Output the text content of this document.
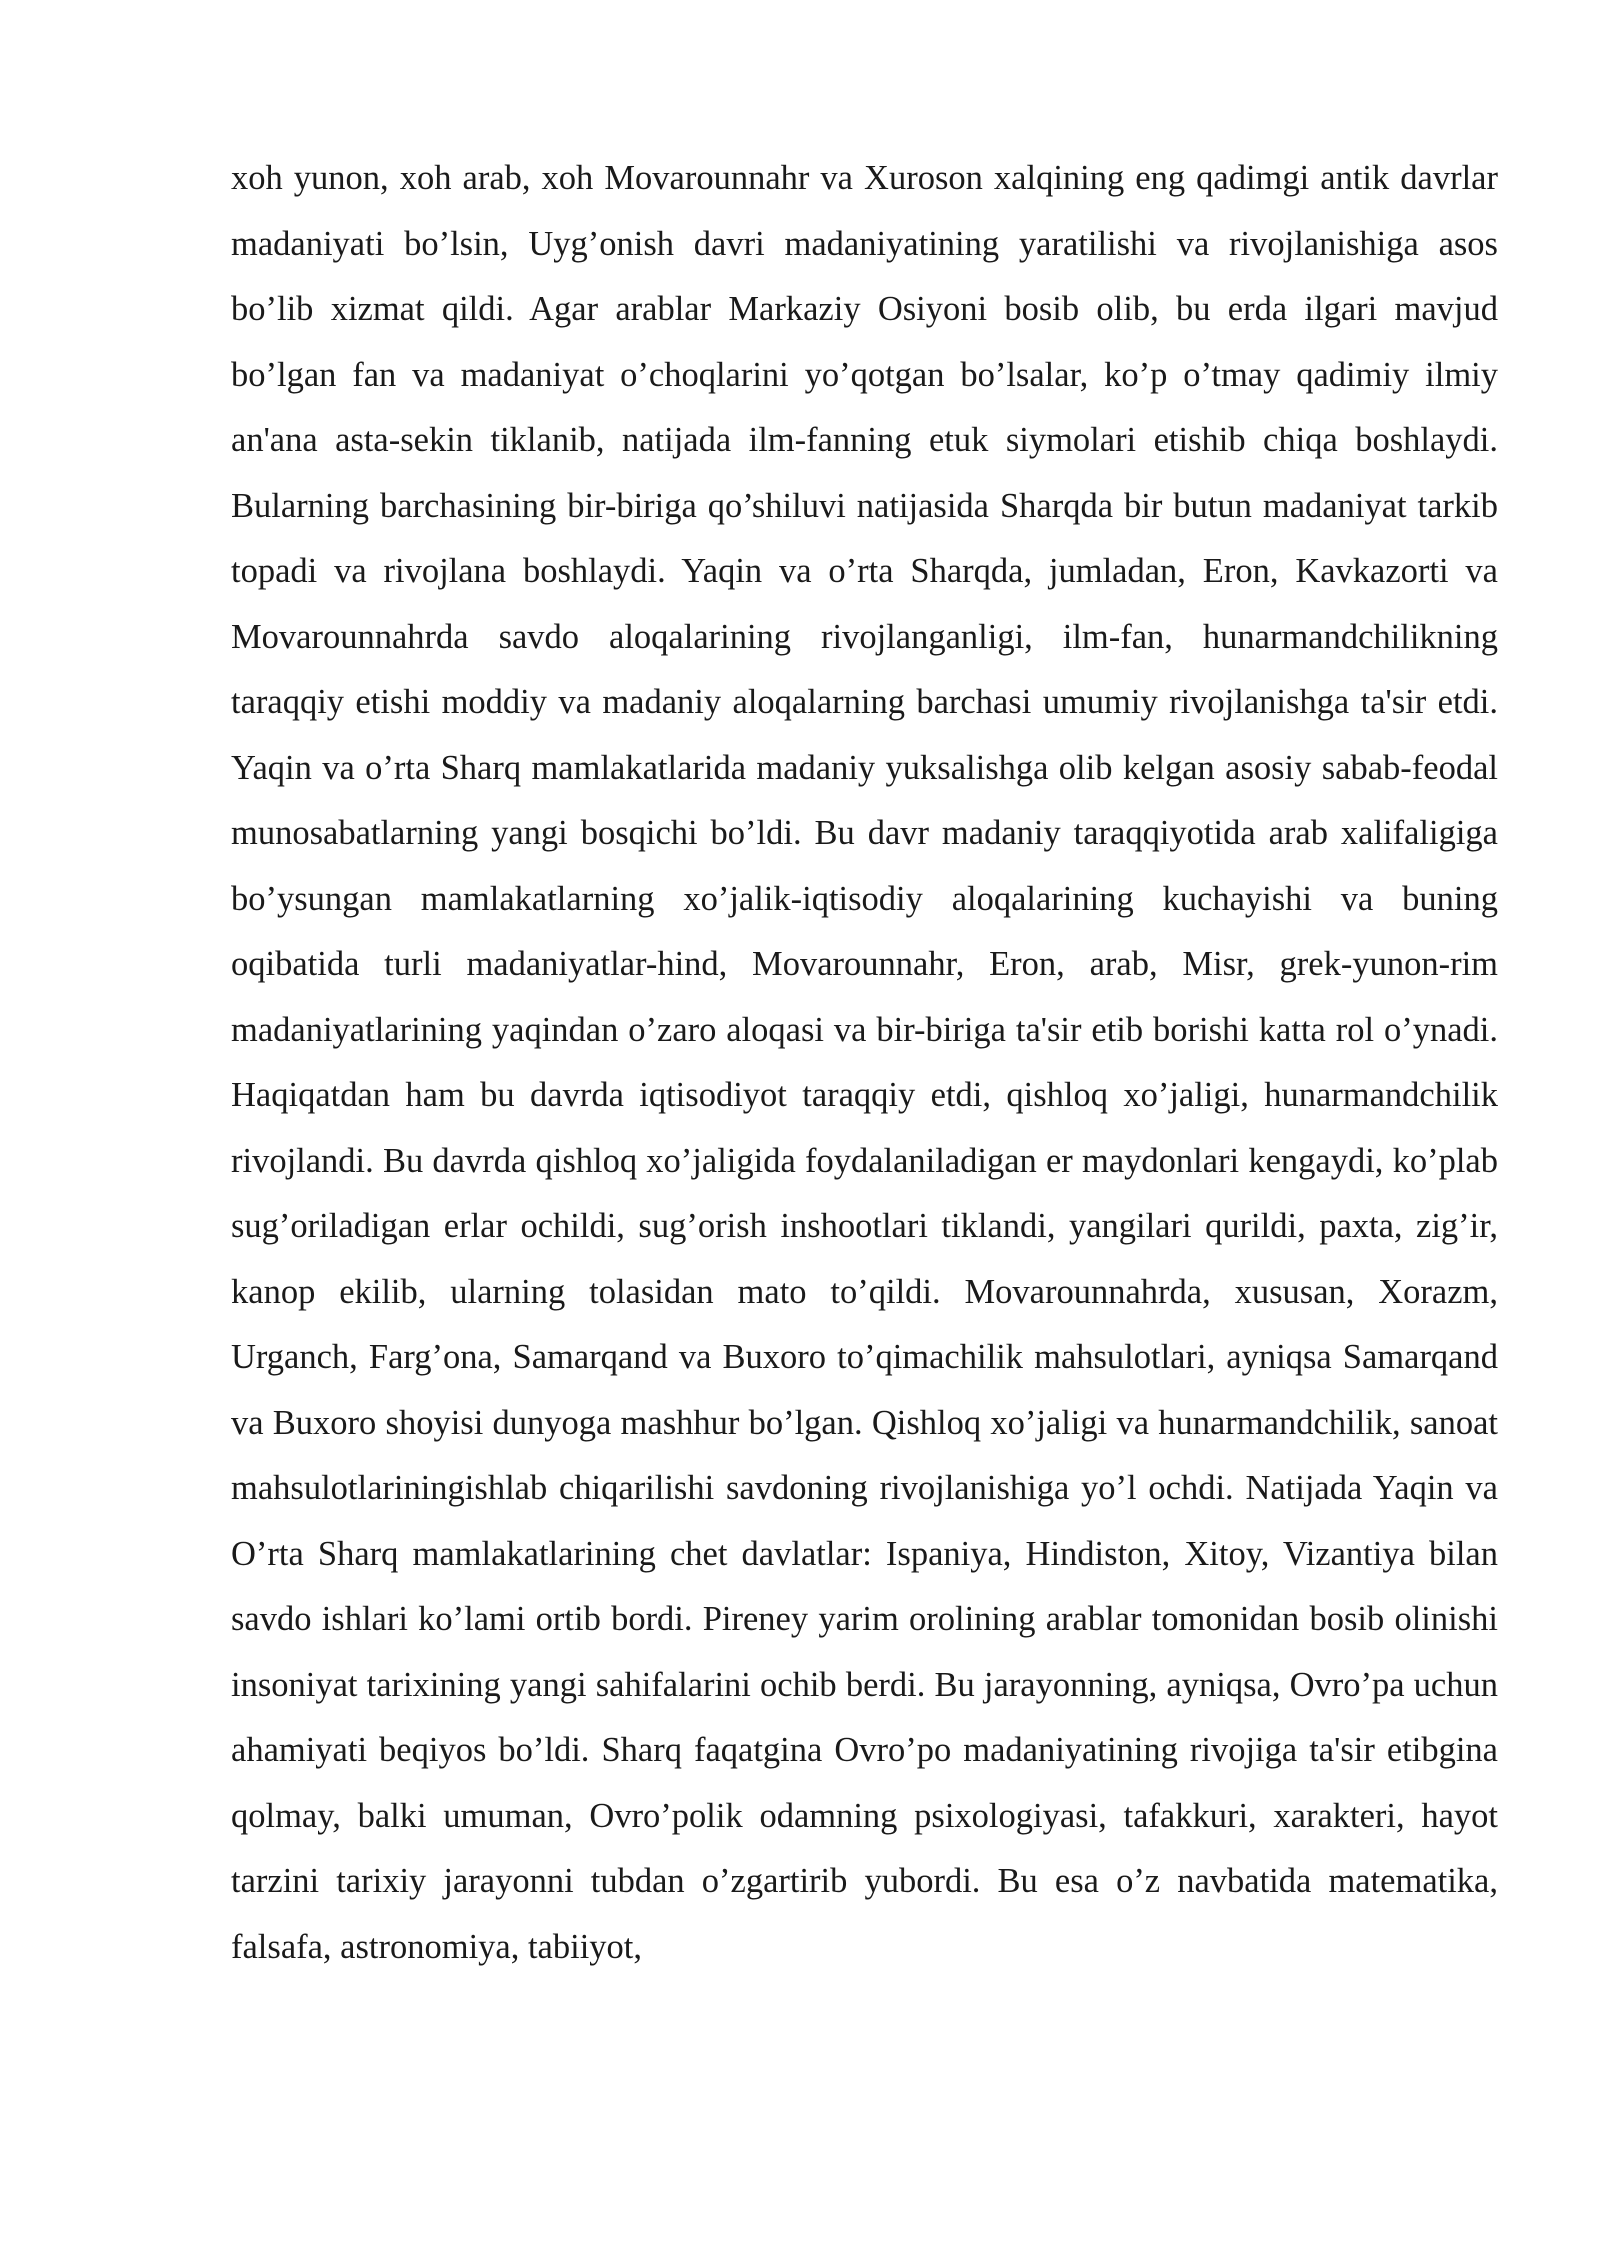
xoh yunon, xoh arab, xoh Movarounnahr va Xuroson xalqining eng qadimgi antik davrlar madaniyati bo’lsin, Uyg’onish davri madaniyatining yaratilishi va rivojlanishiga asos bo’lib xizmat qildi. Agar arablar Markaziy Osiyoni bosib olib, bu erda ilgari mavjud bo’lgan fan va madaniyat o’choqlarini yo’qotgan bo’lsalar, ko’p o’tmay qadimiy ilmiy an'ana asta-sekin tiklanib, natijada ilm-fanning etuk siymolari etishib chiqa boshlaydi. Bularning barchasining bir-biriga qo’shiluvi natijasida Sharqda bir butun madaniyat tarkib topadi va rivojlana boshlaydi. Yaqin va o’rta Sharqda, jumladan, Eron, Kavkazorti va Movarounnahrda savdo aloqalarining rivojlanganligi, ilm-fan, hunarmandchilikning taraqqiy etishi moddiy va madaniy aloqalarning barchasi umumiy rivojlanishga ta'sir etdi. Yaqin va o’rta Sharq mamlakatlarida madaniy yuksalishga olib kelgan asosiy sabab-feodal munosabatlarning yangi bosqichi bo’ldi. Bu davr madaniy taraqqiyotida arab xalifaligiga bo’ysungan mamlakatlarning xo’jalik-iqtisodiy aloqalarining kuchayishi va buning oqibatida turli madaniyatlar-hind, Movarounnahr, Eron, arab, Misr, grek-yunon-rim madaniyatlarining yaqindan o’zaro aloqasi va bir-biriga ta'sir etib borishi katta rol o’ynadi. Haqiqatdan ham bu davrda iqtisodiyot taraqqiy etdi, qishloq xo’jaligi, hunarmandchilik rivojlandi. Bu davrda qishloq xo’jaligida foydalaniladigan er maydonlari kengaydi, ko’plab sug’oriladigan erlar ochildi, sug’orish inshootlari tiklandi, yangilari qurildi, paxta, zig’ir, kanop ekilib, ularning tolasidan mato to’qildi. Movarounnahrda, xususan, Xorazm, Urganch, Farg’ona, Samarqand va Buxoro to’qimachilik mahsulotlari, ayniqsa Samarqand va Buxoro shoyisi dunyoga mashhur bo’lgan. Qishloq xo’jaligi va hunarmandchilik, sanoat mahsulotlariningishlab chiqarilishi savdoning rivojlanishiga yo’l ochdi. Natijada Yaqin va O’rta Sharq mamlakatlarining chet davlatlar: Ispaniya, Hindiston, Xitoy, Vizantiya bilan savdo ishlari ko’lami ortib bordi. Pireney yarim orolining arablar tomonidan bosib olinishi insoniyat tarixining yangi sahifalarini ochib berdi. Bu jarayonning, ayniqsa, Ovro’pa uchun ahamiyati beqiyos bo’ldi. Sharq faqatgina Ovro’po madaniyatining rivojiga ta'sir etibgina qolmay, balki umuman, Ovro’polik odamning psixologiyasi, tafakkuri, xarakteri, hayot tarzini tarixiy jarayonni tubdan o’zgartirib yubordi. Bu esa o’z navbatida matematika, falsafa, astronomiya, tabiiyot,
